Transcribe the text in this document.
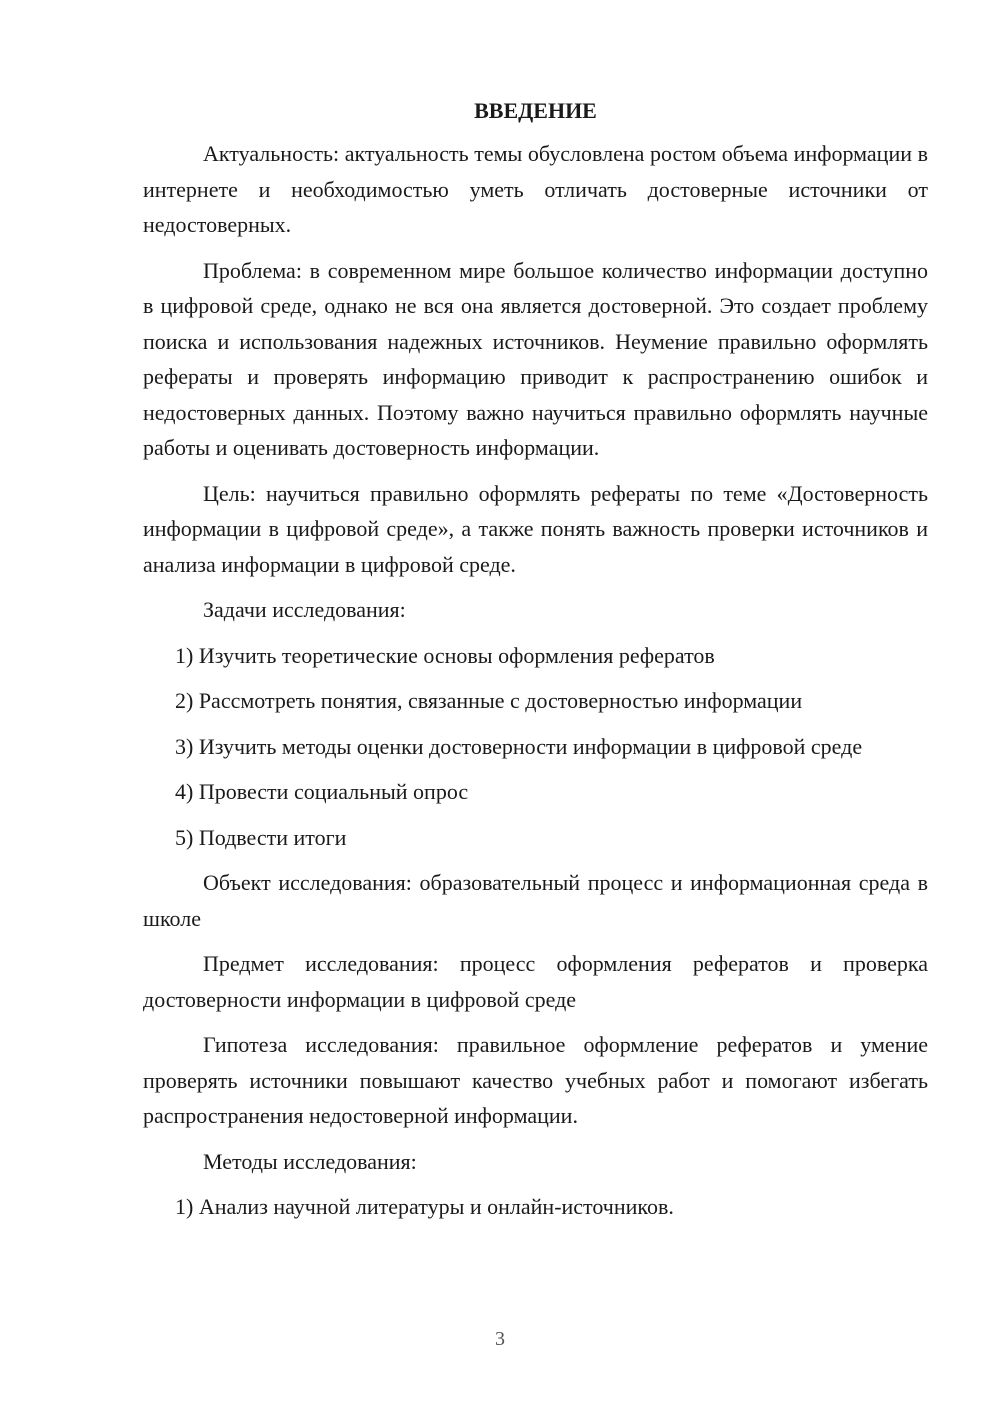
ВВЕДЕНИЕ

Актуальность: актуальность темы обусловлена ростом объема информации в интернете и необходимостью уметь отличать достоверные источники от недостоверных.

Проблема: в современном мире большое количество информации доступно в цифровой среде, однако не вся она является достоверной. Это создает проблему поиска и использования надежных источников. Неумение правильно оформлять рефераты и проверять информацию приводит к распространению ошибок и недостоверных данных. Поэтому важно научиться правильно оформлять научные работы и оценивать достоверность информации.

Цель: научиться правильно оформлять рефераты по теме «Достоверность информации в цифровой среде», а также понять важность проверки источников и анализа информации в цифровой среде.

Задачи исследования:

1) Изучить теоретические основы оформления рефератов

2) Рассмотреть понятия, связанные с достоверностью информации

3) Изучить методы оценки достоверности информации в цифровой среде

4) Провести социальный опрос

5) Подвести итоги

Объект исследования: образовательный процесс и информационная среда в школе

Предмет исследования: процесс оформления рефератов и проверка достоверности информации в цифровой среде

Гипотеза исследования: правильное оформление рефератов и умение проверять источники повышают качество учебных работ и помогают избегать распространения недостоверной информации.

Методы исследования:

1) Анализ научной литературы и онлайн-источников.

3
